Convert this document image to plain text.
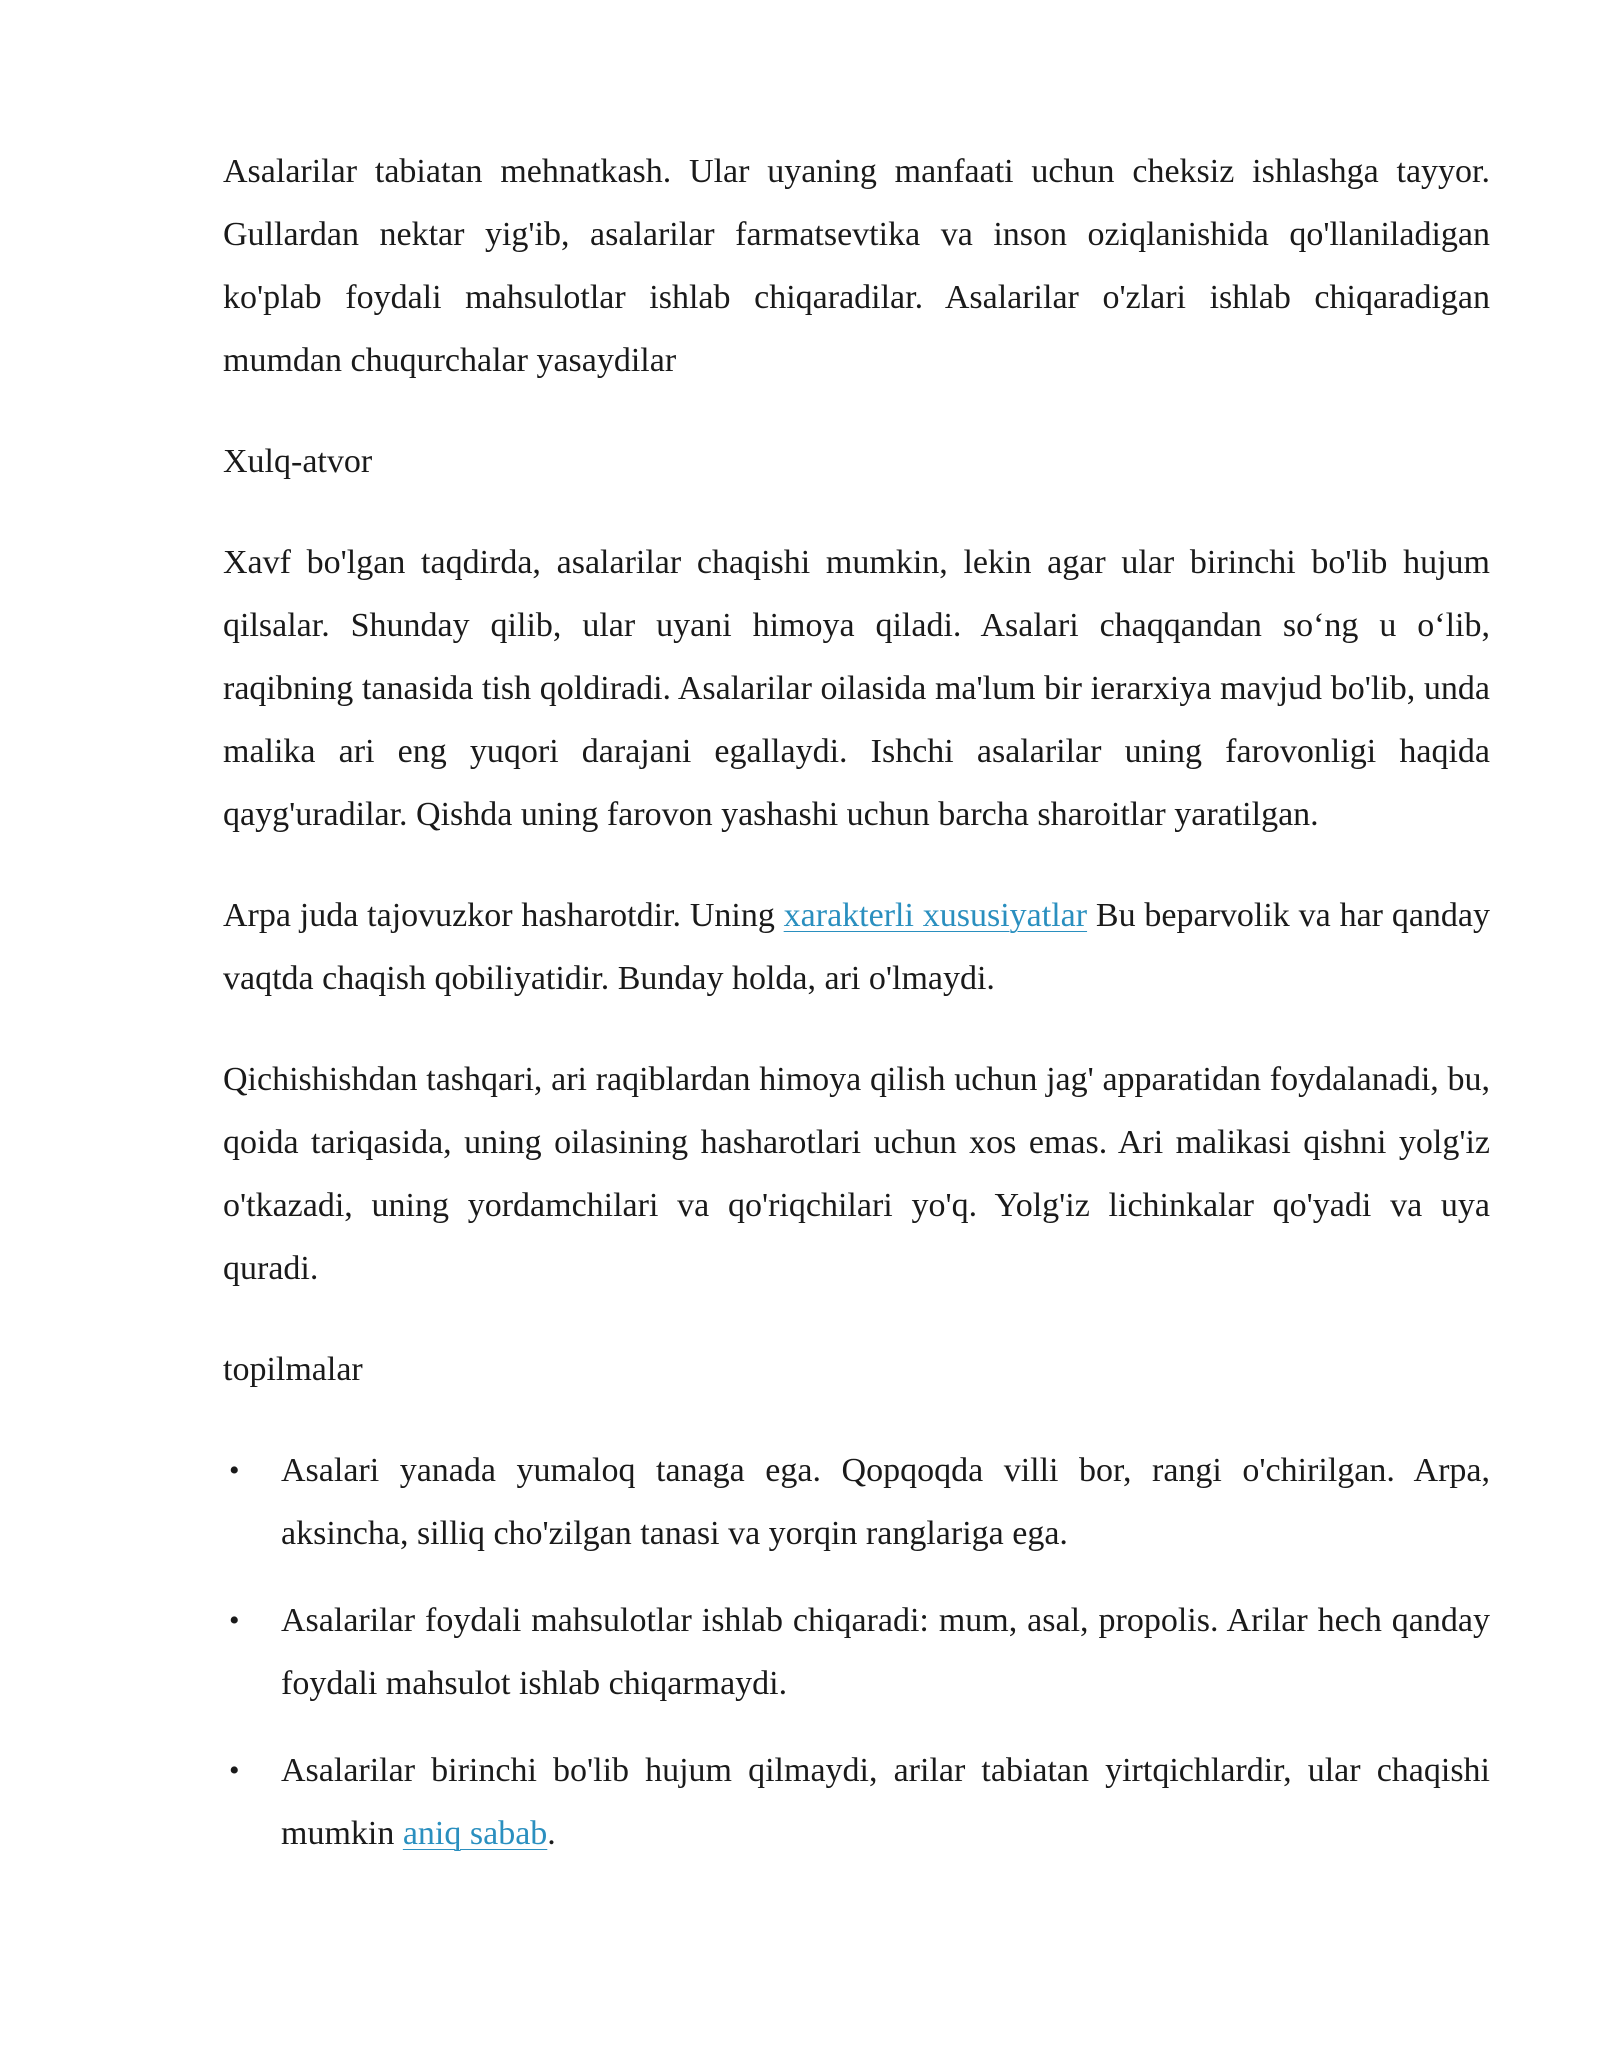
Asalarilar tabiatan mehnatkash. Ular uyaning manfaati uchun cheksiz ishlashga tayyor. Gullardan nektar yig'ib, asalarilar farmatsevtika va inson oziqlanishida qo'llaniladigan ko'plab foydali mahsulotlar ishlab chiqaradilar. Asalarilar o'zlari ishlab chiqaradigan mumdan chuqurchalar yasaydilar

Xulq-atvor

Xavf bo'lgan taqdirda, asalarilar chaqishi mumkin, lekin agar ular birinchi bo'lib hujum qilsalar. Shunday qilib, ular uyani himoya qiladi. Asalari chaqqandan so‘ng u o‘lib, raqibning tanasida tish qoldiradi. Asalarilar oilasida ma'lum bir ierarxiya mavjud bo'lib, unda malika ari eng yuqori darajani egallaydi. Ishchi asalarilar uning farovonligi haqida qayg'uradilar. Qishda uning farovon yashashi uchun barcha sharoitlar yaratilgan.

Arpa juda tajovuzkor hasharotdir. Uning xarakterli xususiyatlar Bu beparvolik va har qanday vaqtda chaqish qobiliyatidir. Bunday holda, ari o'lmaydi.

Qichishishdan tashqari, ari raqiblardan himoya qilish uchun jag' apparatidan foydalanadi, bu, qoida tariqasida, uning oilasining hasharotlari uchun xos emas. Ari malikasi qishni yolg'iz o'tkazadi, uning yordamchilari va qo'riqchilari yo'q. Yolg'iz lichinkalar qo'yadi va uya quradi.

topilmalar

• Asalari yanada yumaloq tanaga ega. Qopqoqda villi bor, rangi o'chirilgan. Arpa, aksincha, silliq cho'zilgan tanasi va yorqin ranglariga ega.
• Asalarilar foydali mahsulotlar ishlab chiqaradi: mum, asal, propolis. Arilar hech qanday foydali mahsulot ishlab chiqarmaydi.
• Asalarilar birinchi bo'lib hujum qilmaydi, arilar tabiatan yirtqichlardir, ular chaqishi mumkin aniq sabab.
